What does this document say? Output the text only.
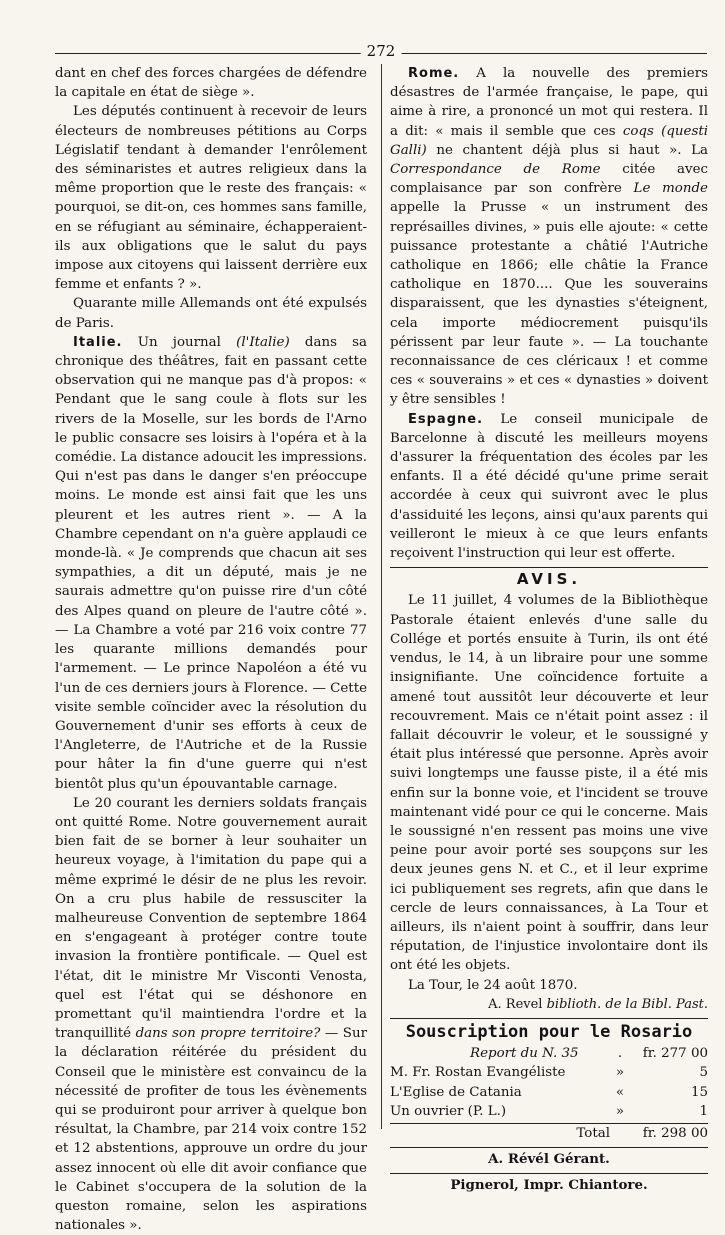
272

dant en chef des forces chargées de défendre la capitale en état de siège ».

Les députés continuent à recevoir de leurs électeurs de nombreuses pétitions au Corps Législatif tendant à demander l'enrôlement des séminaristes et autres religieux dans la même proportion que le reste des français: « pourquoi, se dit-on, ces hommes sans famille, en se réfugiant au séminaire, échapperaient-ils aux obligations que le salut du pays impose aux citoyens qui laissent derrière eux femme et enfants ? ».

Quarante mille Allemands ont été expulsés de Paris.

Italie. Un journal (l'Italie) dans sa chronique des théâtres, fait en passant cette observation qui ne manque pas d'à propos: « Pendant que le sang coule à flots sur les rivers de la Moselle, sur les bords de l'Arno le public consacre ses loisirs à l'opéra et à la comédie. La distance adoucit les impressions. Qui n'est pas dans le danger s'en préoccupe moins. Le monde est ainsi fait que les uns pleurent et les autres rient ». — A la Chambre cependant on n'a guère applaudi ce monde-là. « Je comprends que chacun ait ses sympathies, a dit un député, mais je ne saurais admettre qu'on puisse rire d'un côté des Alpes quand on pleure de l'autre côté ». — La Chambre a voté par 216 voix contre 77 les quarante millions demandés pour l'armement. — Le prince Napoléon a été vu l'un de ces derniers jours à Florence. — Cette visite semble coïncider avec la résolution du Gouvernement d'unir ses efforts à ceux de l'Angleterre, de l'Autriche et de la Russie pour hâter la fin d'une guerre qui n'est bientôt plus qu'un épouvantable carnage.

Le 20 courant les derniers soldats français ont quitté Rome. Notre gouvernement aurait bien fait de se borner à leur souhaiter un heureux voyage, à l'imitation du pape qui a même exprimé le désir de ne plus les revoir. On a cru plus habile de ressusciter la malheureuse Convention de septembre 1864 en s'engageant à protéger contre toute invasion la frontière pontificale. — Quel est l'état, dit le ministre Mr Visconti Venosta, quel est l'état qui se déshonore en promettant qu'il maintiendra l'ordre et la tranquillité dans son propre territoire? — Sur la déclaration réitérée du président du Conseil que le ministère est convaincu de la nécessité de profiter de tous les évènements qui se produiront pour arriver à quelque bon résultat, la Chambre, par 214 voix contre 152 et 12 abstentions, approuve un ordre du jour assez innocent où elle dit avoir confiance que le Cabinet s'occupera de la solution de la queston romaine, selon les aspirations nationales ».

Rome. A la nouvelle des premiers désastres de l'armée française, le pape, qui aime à rire, a prononcé un mot qui restera. Il a dit: « mais il semble que ces coqs (questi Galli) ne chantent déjà plus si haut ». La Correspondance de Rome citée avec complaisance par son confrère Le monde appelle la Prusse « un instrument des représailles divines, » puis elle ajoute: « cette puissance protestante a châtié l'Autriche catholique en 1866; elle châtie la France catholique en 1870.... Que les souverains disparaissent, que les dynasties s'éteignent, cela importe médiocrement puisqu'ils périssent par leur faute ». — La touchante reconnaissance de ces cléricaux ! et comme ces « souverains » et ces « dynasties » doivent y être sensibles !

Espagne. Le conseil municipale de Barcelonne à discuté les meilleurs moyens d'assurer la fréquentation des écoles par les enfants. Il a été décidé qu'une prime serait accordée à ceux qui suivront avec le plus d'assiduité les leçons, ainsi qu'aux parents qui veilleront le mieux à ce que leurs enfants reçoivent l'instruction qui leur est offerte.

AVIS.

Le 11 juillet, 4 volumes de la Bibliothèque Pastorale étaient enlevés d'une salle du Collége et portés ensuite à Turin, ils ont été vendus, le 14, à un libraire pour une somme insignifiante. Une coïncidence fortuite a amené tout aussitôt leur découverte et leur recouvrement. Mais ce n'était point assez : il fallait découvrir le voleur, et le soussigné y était plus intéressé que personne. Après avoir suivi longtemps une fausse piste, il a été mis enfin sur la bonne voie, et l'incident se trouve maintenant vidé pour ce qui le concerne. Mais le soussigné n'en ressent pas moins une vive peine pour avoir porté ses soupçons sur les deux jeunes gens N. et C., et il leur exprime ici publiquement ses regrets, afin que dans le cercle de leurs connaissances, à La Tour et ailleurs, ils n'aient point à souffrir, dans leur réputation, de l'injustice involontaire dont ils ont été les objets.

La Tour, le 24 août 1870.

A. Revel biblioth. de la Bibl. Past.
Souscription pour le Rosario
Report du N. 35	.	fr. 277 00
M. Fr. Rostan Evangéliste	»	5
L'Eglise de Catania	«	15
Un ouvrier (P. L.)	»	1
Total	fr. 298 00
A. Révél Gérant.
Pignerol, Impr. Chiantore.
